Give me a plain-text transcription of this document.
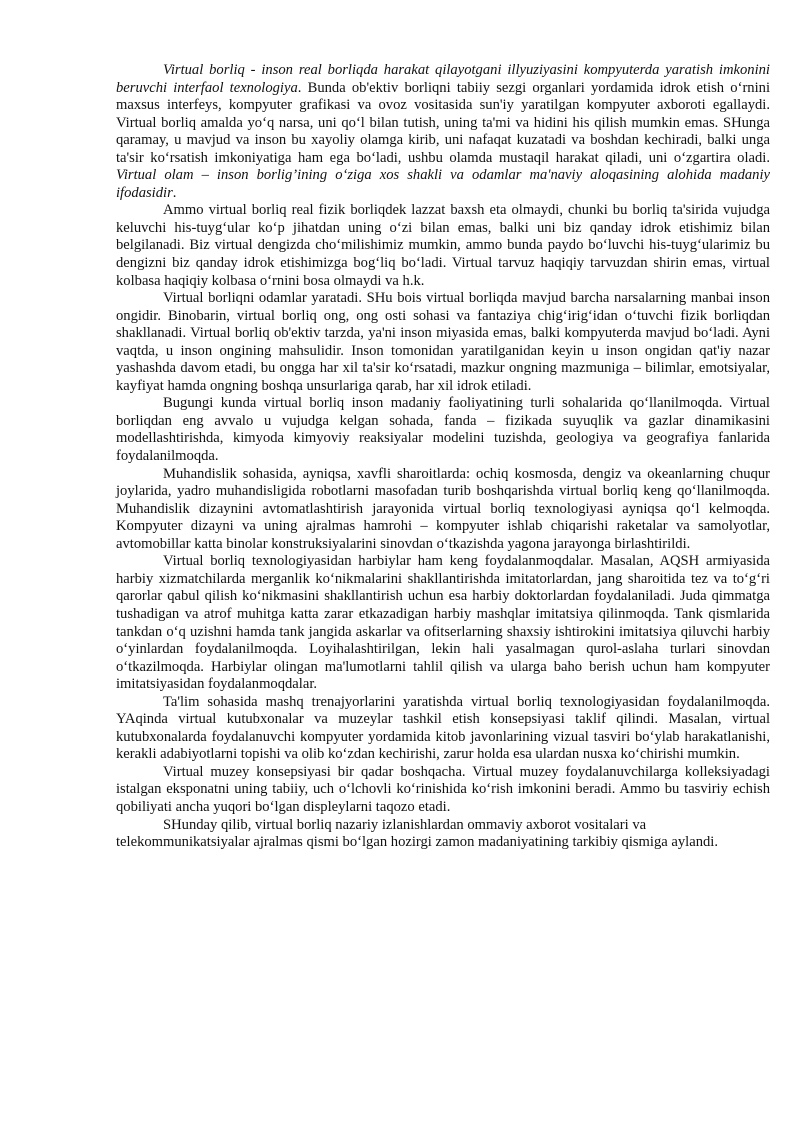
Virtual borliq - inson real borliqda harakat qilayotgani illyuziyasini kompyuterda yaratish imkonini beruvchi interfaol texnologiya. Bunda ob'ektiv borliqni tabiiy sezgi organlari yordamida idrok etish o‘rnini maxsus interfeys, kompyuter grafikasi va ovoz vositasida sun'iy yaratilgan kompyuter axboroti egallaydi. Virtual borliq amalda yo‘q narsa, uni qo‘l bilan tutish, uning ta'mi va hidini his qilish mumkin emas. SHunga qaramay, u mavjud va inson bu xayoliy olamga kirib, uni nafaqat kuzatadi va boshdan kechiradi, balki unga ta'sir ko‘rsatish imkoniyatiga ham ega bo‘ladi, ushbu olamda mustaqil harakat qiladi, uni o‘zgartira oladi. Virtual olam – inson borlig’ining o‘ziga xos shakli va odamlar ma'naviy aloqasining alohida madaniy ifodasidir.

Ammo virtual borliq real fizik borliqdek lazzat baxsh eta olmaydi, chunki bu borliq ta'sirida vujudga keluvchi his-tuyg‘ular ko‘p jihatdan uning o‘zi bilan emas, balki uni biz qanday idrok etishimiz bilan belgilanadi. Biz virtual dengizda cho‘milishimiz mumkin, ammo bunda paydo bo‘luvchi his-tuyg‘ularimiz bu dengizni biz qanday idrok etishimizga bog‘liq bo‘ladi. Virtual tarvuz haqiqiy tarvuzdan shirin emas, virtual kolbasa haqiqiy kolbasa o‘rnini bosa olmaydi va h.k.

Virtual borliqni odamlar yaratadi. SHu bois virtual borliqda mavjud barcha narsalarning manbai inson ongidir. Binobarin, virtual borliq ong, ong osti sohasi va fantaziya chig‘irig‘idan o‘tuvchi fizik borliqdan shakllanadi. Virtual borliq ob'ektiv tarzda, ya'ni inson miyasida emas, balki kompyuterda mavjud bo‘ladi. Ayni vaqtda, u inson ongining mahsulidir. Inson tomonidan yaratilganidan keyin u inson ongidan qat'iy nazar yashashda davom etadi, bu ongga har xil ta'sir ko‘rsatadi, mazkur ongning mazmuniga – bilimlar, emotsiyalar, kayfiyat hamda ongning boshqa unsurlariga qarab, har xil idrok etiladi.

Bugungi kunda virtual borliq inson madaniy faoliyatining turli sohalarida qo‘llanilmoqda. Virtual borliqdan eng avvalo u vujudga kelgan sohada, fanda – fizikada suyuqlik va gazlar dinamikasini modellashtirishda, kimyoda kimyoviy reaksiyalar modelini tuzishda, geologiya va geografiya fanlarida foydalanilmoqda.

Muhandislik sohasida, ayniqsa, xavfli sharoitlarda: ochiq kosmosda, dengiz va okeanlarning chuqur joylarida, yadro muhandisligida robotlarni masofadan turib boshqarishda virtual borliq keng qo‘llanilmoqda. Muhandislik dizaynini avtomatlashtirish jarayonida virtual borliq texnologiyasi ayniqsa qo‘l kelmoqda. Kompyuter dizayni va uning ajralmas hamrohi – kompyuter ishlab chiqarishi raketalar va samolyotlar, avtomobillar katta binolar konstruksiyalarini sinovdan o‘tkazishda yagona jarayonga birlashtirildi.

Virtual borliq texnologiyasidan harbiylar ham keng foydalanmoqdalar. Masalan, AQSH armiyasida harbiy xizmatchilarda merganlik ko‘nikmalarini shakllantirishda imitatorlardan, jang sharoitida tez va to‘g‘ri qarorlar qabul qilish ko‘nikmasini shakllantirish uchun esa harbiy doktorlardan foydalaniladi. Juda qimmatga tushadigan va atrof muhitga katta zarar etkazadigan harbiy mashqlar imitatsiya qilinmoqda. Tank qismlarida tankdan o‘q uzishni hamda tank jangida askarlar va ofitserlarning shaxsiy ishtirokini imitatsiya qiluvchi harbiy o‘yinlardan foydalanilmoqda. Loyihalashtirilgan, lekin hali yasalmagan qurol-aslaha turlari sinovdan o‘tkazilmoqda. Harbiylar olingan ma'lumotlarni tahlil qilish va ularga baho berish uchun ham kompyuter imitatsiyasidan foydalanmoqdalar.

Ta'lim sohasida mashq trenajyorlarini yaratishda virtual borliq texnologiyasidan foydalanilmoqda. YAqinda virtual kutubxonalar va muzeylar tashkil etish konsepsiyasi taklif qilindi. Masalan, virtual kutubxonalarda foydalanuvchi kompyuter yordamida kitob javonlarining vizual tasviri bo‘ylab harakatlanishi, kerakli adabiyotlarni topishi va olib ko‘zdan kechirishi, zarur holda esa ulardan nusxa ko‘chirishi mumkin.

Virtual muzey konsepsiyasi bir qadar boshqacha. Virtual muzey foydalanuvchilarga kolleksiyadagi istalgan eksponatni uning tabiiy, uch o‘lchovli ko‘rinishida ko‘rish imkonini beradi. Ammo bu tasviriy echish qobiliyati ancha yuqori bo‘lgan displeylarni taqozo etadi.

SHunday qilib, virtual borliq nazariy izlanishlardan ommaviy axborot vositalari va telekommunikatsiyalar ajralmas qismi bo‘lgan hozirgi zamon madaniyatining tarkibiy qismiga aylandi.
